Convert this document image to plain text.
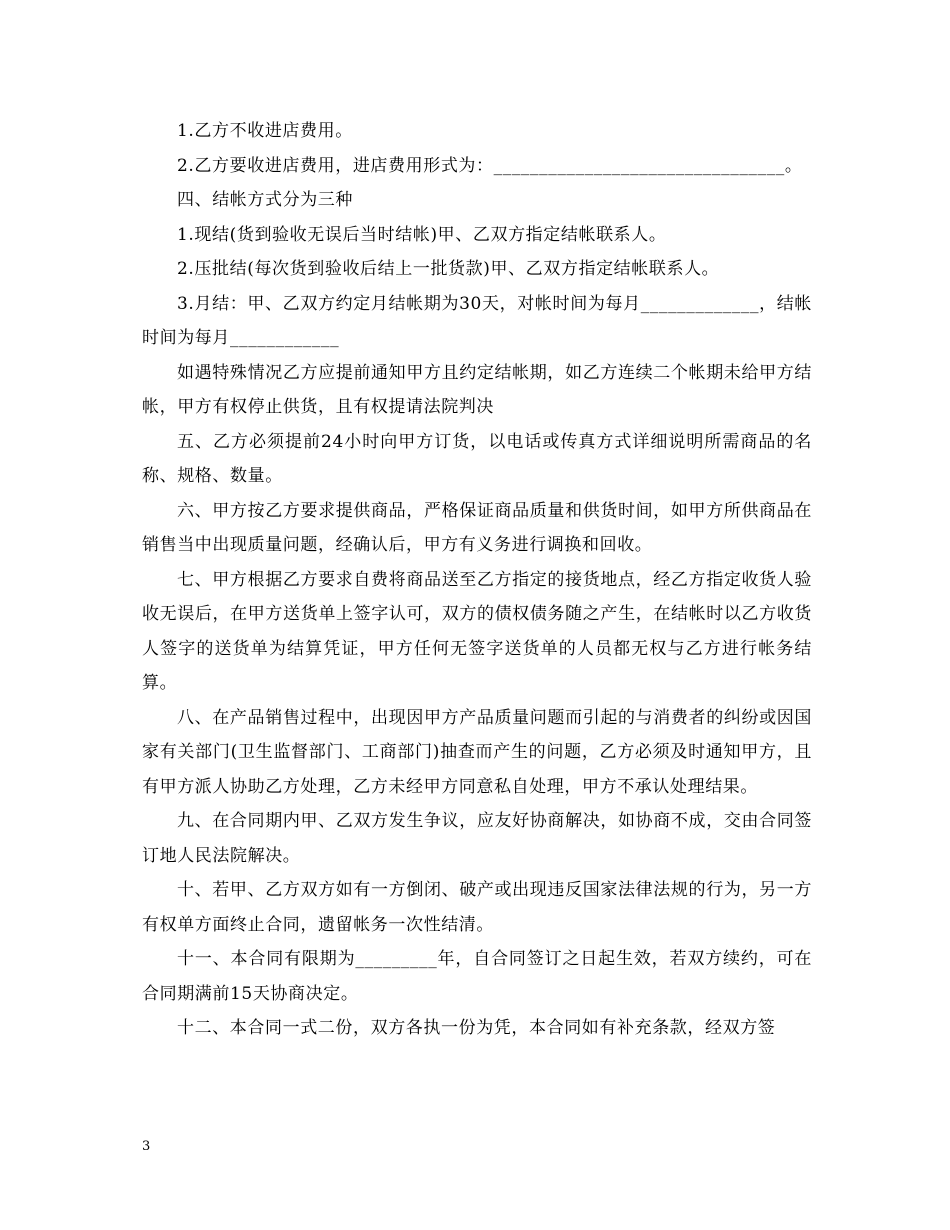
1.乙方不收进店费用。

2.乙方要收进店费用，进店费用形式为：________________________________。

四、结帐方式分为三种

1.现结(货到验收无误后当时结帐)甲、乙双方指定结帐联系人。

2.压批结(每次货到验收后结上一批货款)甲、乙双方指定结帐联系人。

3.月结：甲、乙双方约定月结帐期为30天，对帐时间为每月_____________，结帐时间为每月____________

如遇特殊情况乙方应提前通知甲方且约定结帐期，如乙方连续二个帐期未给甲方结帐，甲方有权停止供货，且有权提请法院判决

五、乙方必须提前24小时向甲方订货，以电话或传真方式详细说明所需商品的名称、规格、数量。

六、甲方按乙方要求提供商品，严格保证商品质量和供货时间，如甲方所供商品在销售当中出现质量问题，经确认后，甲方有义务进行调换和回收。

七、甲方根据乙方要求自费将商品送至乙方指定的接货地点，经乙方指定收货人验收无误后，在甲方送货单上签字认可，双方的债权债务随之产生，在结帐时以乙方收货人签字的送货单为结算凭证，甲方任何无签字送货单的人员都无权与乙方进行帐务结算。

八、在产品销售过程中，出现因甲方产品质量问题而引起的与消费者的纠纷或因国家有关部门(卫生监督部门、工商部门)抽查而产生的问题，乙方必须及时通知甲方，且有甲方派人协助乙方处理，乙方未经甲方同意私自处理，甲方不承认处理结果。

九、在合同期内甲、乙双方发生争议，应友好协商解决，如协商不成，交由合同签订地人民法院解决。

十、若甲、乙方双方如有一方倒闭、破产或出现违反国家法律法规的行为，另一方有权单方面终止合同，遗留帐务一次性结清。

十一、本合同有限期为_________年，自合同签订之日起生效，若双方续约，可在合同期满前15天协商决定。

十二、本合同一式二份，双方各执一份为凭，本合同如有补充条款，经双方签

3
